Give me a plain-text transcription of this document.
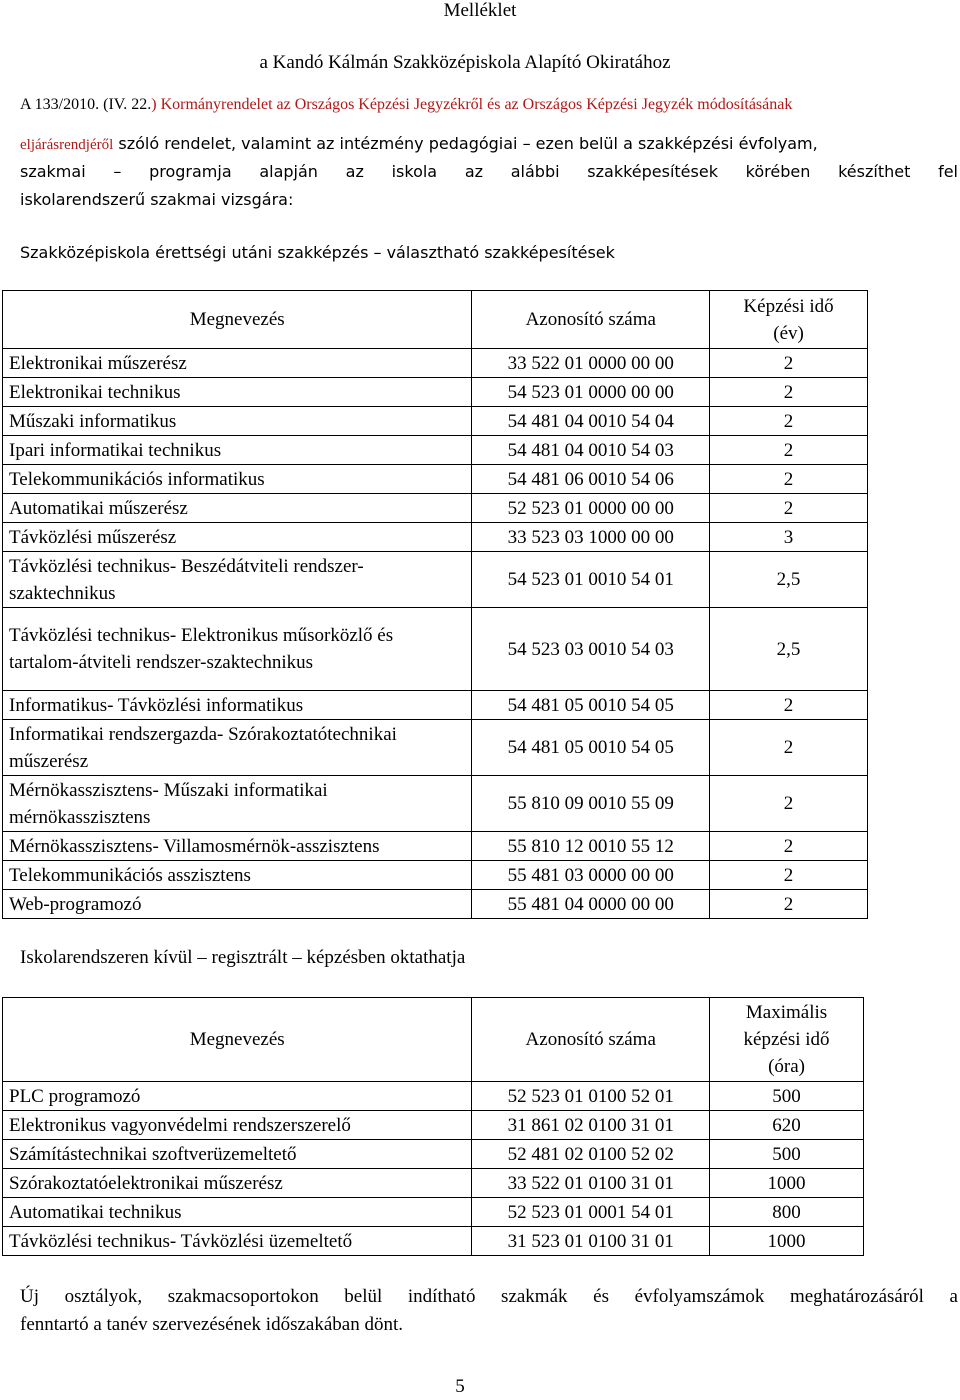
Melléklet
a Kandó Kálmán Szakközépiskola Alapító Okiratához
A 133/2010. (IV. 22.) Kormányrendelet az Országos Képzési Jegyzékről és az Országos Képzési Jegyzék módosításának
eljárásrendjéről szóló rendelet, valamint az intézmény pedagógiai – ezen belül a szakképzési évfolyam,
szakmai – programja alapján az iskola az alábbi szakképesítések körében készíthet fel
iskolarendszerű szakmai vizsgára:
Szakközépiskola érettségi utáni szakképzés – választható szakképesítések
Megnevezés	Azonosító száma	Képzési idő (év)
Elektronikai műszerész	33 522 01 0000 00 00	2
Elektronikai technikus	54 523 01 0000 00 00	2
Műszaki informatikus	54 481 04 0010 54 04	2
Ipari informatikai technikus	54 481 04 0010 54 03	2
Telekommunikációs informatikus	54 481 06 0010 54 06	2
Automatikai műszerész	52 523 01 0000 00 00	2
Távközlési műszerész	33 523 03 1000 00 00	3
Távközlési technikus- Beszédátviteli rendszer-szaktechnikus	54 523 01 0010 54 01	2,5
Távközlési technikus- Elektronikus műsorközlő és tartalom-átviteli rendszer-szaktechnikus	54 523 03 0010 54 03	2,5
Informatikus- Távközlési informatikus	54 481 05 0010 54 05	2
Informatikai rendszergazda- Szórakoztatótechnikai műszerész	54 481 05 0010 54 05	2
Mérnökasszisztens- Műszaki informatikai mérnökasszisztens	55 810 09 0010 55 09	2
Mérnökasszisztens- Villamosmérnök-asszisztens	55 810 12 0010 55 12	2
Telekommunikációs asszisztens	55 481 03 0000 00 00	2
Web-programozó	55 481 04 0000 00 00	2
Iskolarendszeren kívül – regisztrált – képzésben oktathatja
Megnevezés	Azonosító száma	Maximális képzési idő (óra)
PLC programozó	52 523 01 0100 52 01	500
Elektronikus vagyonvédelmi rendszerszerelő	31 861 02 0100 31 01	620
Számítástechnikai szoftverüzemeltető	52 481 02 0100 52 02	500
Szórakoztatóelektronikai műszerész	33 522 01 0100 31 01	1000
Automatikai technikus	52 523 01 0001 54 01	800
Távközlési technikus- Távközlési üzemeltető	31 523 01 0100 31 01	1000
Új osztályok, szakmacsoportokon belül indítható szakmák és évfolyamszámok meghatározásáról a
fenntartó a tanév szervezésének időszakában dönt.
5
